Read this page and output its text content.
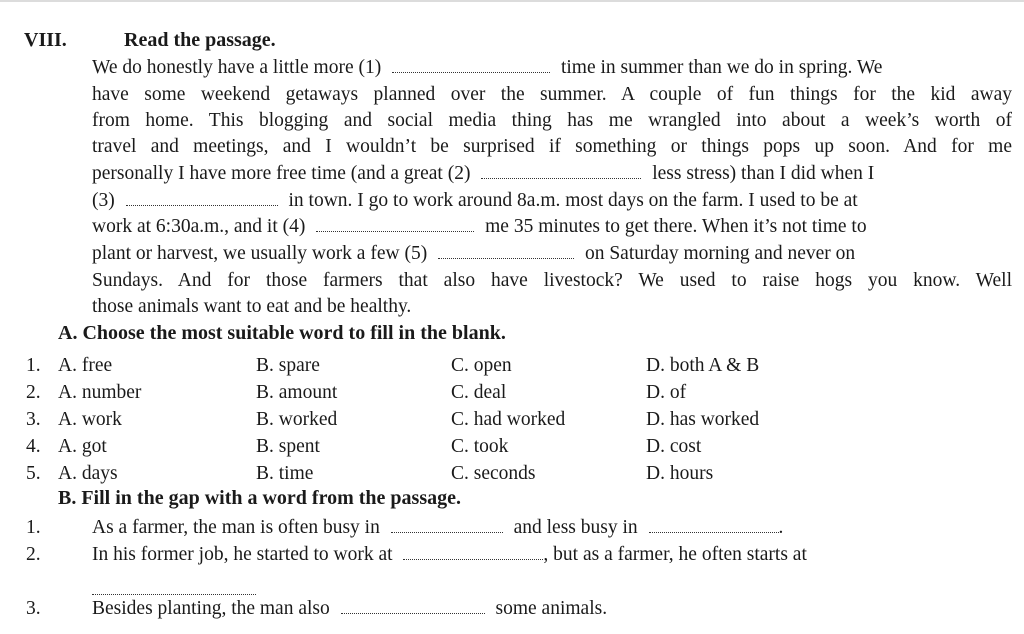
VIII.	Read the passage.
We do honestly have a little more (1)	time in summer than we do in spring. We
have some weekend getaways planned over the summer. A couple of fun things for the kid away
from home. This blogging and social media thing has me wrangled into about a week’s worth of
travel and meetings, and I wouldn’t be surprised if something or things pops up soon. And for me
personally I have more free time (and a great (2)	less stress) than I did when I
(3)	in town. I go to work around 8a.m. most days on the farm. I used to be at
work at 6:30a.m., and it (4)	me 35 minutes to get there. When it’s not time to
plant or harvest, we usually work a few (5)	on Saturday morning and never on
Sundays. And for those farmers that also have livestock? We used to raise hogs you know. Well
those animals want to eat and be healthy.
A. Choose the most suitable word to fill in the blank.
1. A. free	B. spare	C. open	D. both A & B
2. A. number	B. amount	C. deal	D. of
3. A. work	B. worked	C. had worked	D. has worked
4. A. got	B. spent	C. took	D. cost
5. A. days	B. time	C. seconds	D. hours
B. Fill in the gap with a word from the passage.
1.	As a farmer, the man is often busy in	and less busy in	.
2.	In his former job, he started to work at	, but as a farmer, he often starts at
3.	Besides planting, the man also	some animals.
